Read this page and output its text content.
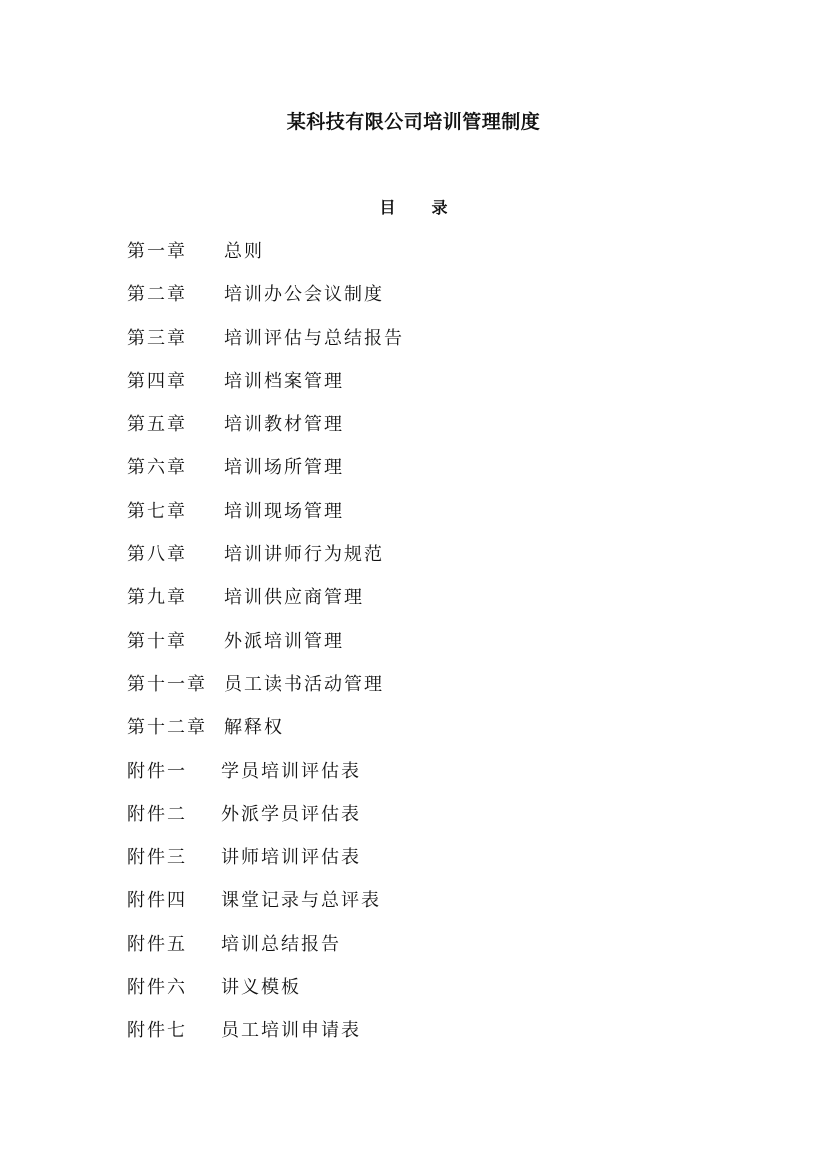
某科技有限公司培训管理制度
目 录
第一章	总则
第二章	培训办公会议制度
第三章	培训评估与总结报告
第四章	培训档案管理
第五章	培训教材管理
第六章	培训场所管理
第七章	培训现场管理
第八章	培训讲师行为规范
第九章	培训供应商管理
第十章	外派培训管理
第十一章 员工读书活动管理
第十二章 解释权
附件一	学员培训评估表
附件二	外派学员评估表
附件三	讲师培训评估表
附件四	课堂记录与总评表
附件五	培训总结报告
附件六	讲义模板
附件七	员工培训申请表
